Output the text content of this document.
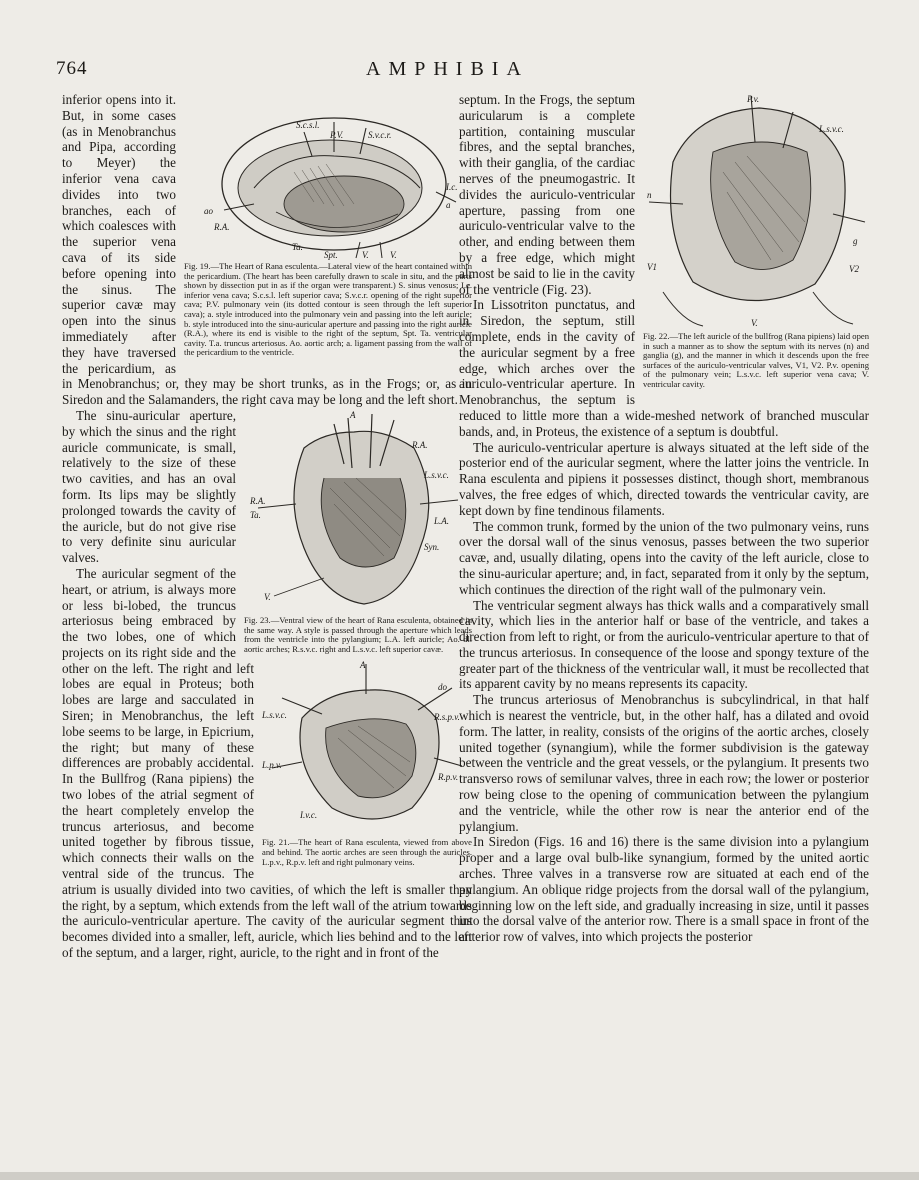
764	AMPHIBIA
S.c.s.l.
P.V.	S.v.c.r.
I.c.
a
ao
R.A.
Ta.
Spt.	V. V.
Fig. 19.—The Heart of Rana esculenta.—Lateral view of the heart contained within the pericardium. (The heart has been carefully drawn to scale in situ, and the parts shown by dissection put in as if the organ were transparent.) S. sinus venosus; I.c. inferior vena cava; S.c.s.l. left superior cava; S.v.c.r. opening of the right superior cava; P.V. pulmonary vein (its dotted contour is seen through the left superior cava); a. style introduced into the pulmonary vein and passing into the left auricle; b. style introduced into the sinu-auricular aperture and passing into the right auricle (R.A.), where its end is visible to the right of the septum, Spt. Ta. ventricular cavity. T.a. truncus arteriosus. Ao. aortic arch; a. ligament passing from the wall of the pericardium to the ventricle.

inferior opens into it. But, in some cases (as in Menobranchus and Pipa, according to Meyer) the inferior vena cava divides into two branches, each of which coalesces with the superior vena cava of its side before opening into the sinus. The superior cavæ may open into the sinus immediately after they have traversed the pericardium, as in Menobranchus; or, they may be short trunks, as in the Frogs; or, as in Siredon and the Salamanders, the right cava may be long and the left short.

A
R.A.
L.s.v.c.
R.A.
Ta.
L.A.
Syn.
V.
Fig. 23.—Ventral view of the heart of Rana esculenta, obtained in the same way. A style is passed through the aperture which leads from the ventricle into the pylangium; L.A. left auricle; Ao. dl. aortic arches; R.s.v.c. right and L.s.v.c. left superior cavæ.

The sinu-auricular aperture, by which the sinus and the right auricle communicate, is small, relatively to the size of these two cavities, and has an oval form. Its lips may be slightly prolonged towards the cavity of the auricle, but do not give rise to very definite sinu auricular valves.

A
do
L.s.v.c.	R.s.p.v.
L.p.v.
R.p.v.
I.v.c.
Fig. 21.—The heart of Rana esculenta, viewed from above and behind. The aortic arches are seen through the auricles. L.p.v., R.p.v. left and right pulmonary veins.

The auricular segment of the heart, or atrium, is always more or less bi-lobed, the truncus arteriosus being embraced by the two lobes, one of which projects on its right side and the other on the left. The right and left lobes are equal in Proteus; both lobes are large and sacculated in Siren; in Menobranchus, the left lobe seems to be large, in Epicrium, the right; but many of these differences are probably accidental. In the Bullfrog (Rana pipiens) the two lobes of the atrial segment of the heart completely envelop the truncus arteriosus, and become united together by fibrous tissue, which connects their walls on the ventral side of the truncus. The atrium is usually divided into two cavities, of which the left is smaller than the right, by a septum, which extends from the left wall of the atrium towards the auriculo-ventricular aperture. The cavity of the auricular segment thus becomes divided into a smaller, left, auricle, which lies behind and to the left of the septum, and a larger, right, auricle, to the right and in front of the

P.v.
L.s.v.c.
n
g
V1	V2
V.
Fig. 22.—The left auricle of the bullfrog (Rana pipiens) laid open in such a manner as to show the septum with its nerves (n) and ganglia (g), and the manner in which it descends upon the free surfaces of the auriculo-ventricular valves, V1, V2. P.v. opening of the pulmonary vein; L.s.v.c. left superior vena cava; V. ventricular cavity.

septum. In the Frogs, the septum auricularum is a complete partition, containing muscular fibres, and the septal branches, with their ganglia, of the cardiac nerves of the pneumogastric. It divides the auriculo-ventricular aperture, passing from one auriculo-ventricular valve to the other, and ending between them by a free edge, which might almost be said to lie in the cavity of the ventricle (Fig. 23).

In Lissotriton punctatus, and in Siredon, the septum, still complete, ends in the cavity of the auricular segment by a free edge, which arches over the auriculo-ventricular aperture. In Menobranchus, the septum is reduced to little more than a wide-meshed network of branched muscular bands, and, in Proteus, the existence of a septum is doubtful.

The auriculo-ventricular aperture is always situated at the left side of the posterior end of the auricular segment, where the latter joins the ventricle. In Rana esculenta and pipiens it possesses distinct, though short, membranous valves, the free edges of which, directed towards the ventricular cavity, are kept down by fine tendinous filaments.

The common trunk, formed by the union of the two pulmonary veins, runs over the dorsal wall of the sinus venosus, passes between the two superior cavæ, and, usually dilating, opens into the cavity of the left auricle, close to the sinu-auricular aperture; and, in fact, separated from it only by the septum, which continues the direction of the right wall of the pulmonary vein.

The ventricular segment always has thick walls and a comparatively small cavity, which lies in the anterior half or base of the ventricle, and takes a direction from left to right, or from the auriculo-ventricular aperture to that of the truncus arteriosus. In consequence of the loose and spongy texture of the greater part of the thickness of the ventricular wall, it must be recollected that its apparent cavity by no means represents its capacity.

The truncus arteriosus of Menobranchus is subcylindrical, in that half which is nearest the ventricle, but, in the other half, has a dilated and ovoid form. The latter, in reality, consists of the origins of the aortic arches, closely united together (synangium), while the former subdivision is the gateway between the ventricle and the great vessels, or the pylangium. It presents two transverso rows of semilunar valves, three in each row; the lower or posterior row being close to the opening of communication between the pylangium and the ventricle, while the other row is near the anterior end of the pylangium.

In Siredon (Figs. 16 and 16) there is the same division into a pylangium proper and a large oval bulb-like synangium, formed by the united aortic arches. Three valves in a transverse row are situated at each end of the pylangium. An oblique ridge projects from the dorsal wall of the pylangium, beginning low on the left side, and gradually increasing in size, until it passes into the dorsal valve of the anterior row. There is a small space in front of the anterior row of valves, into which projects the posterior
